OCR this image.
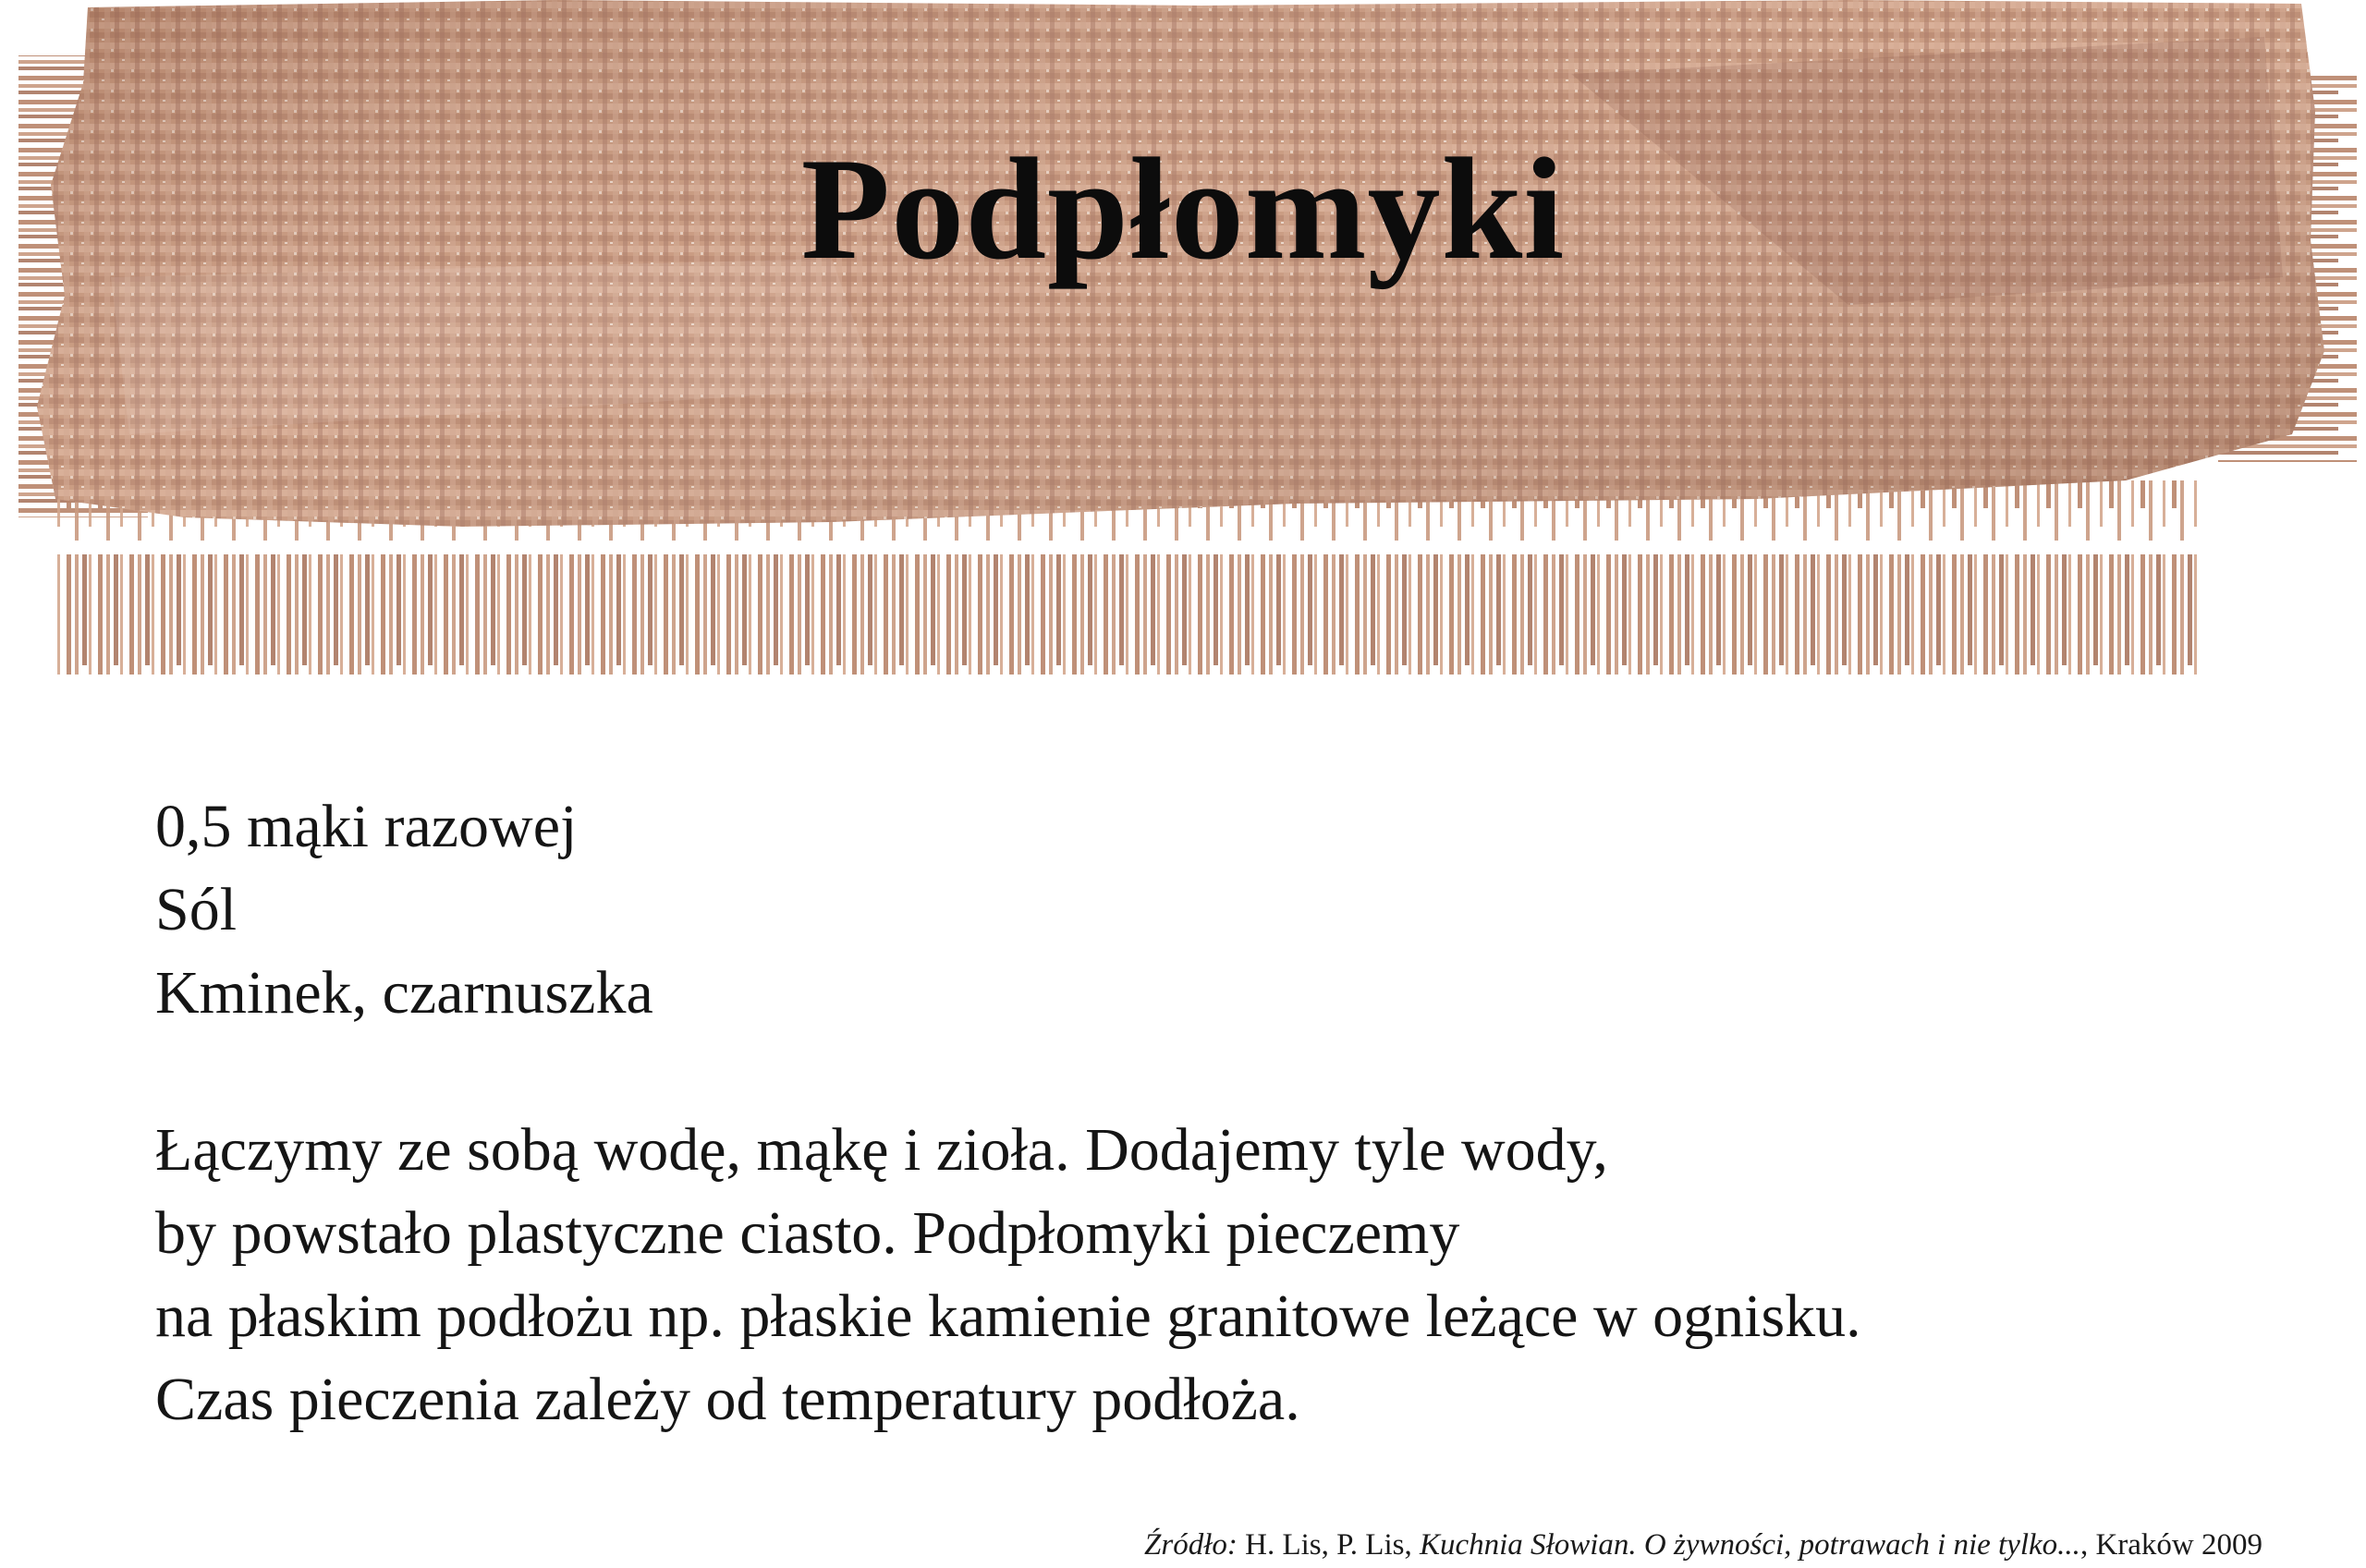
Podpłomyki
0,5 mąki razowej
Sól
Kminek, czarnuszka

Łączymy ze sobą wodę, mąkę i zioła. Dodajemy tyle wody,
by powstało plastyczne ciasto. Podpłomyki pieczemy
na płaskim podłożu np. płaskie kamienie granitowe leżące w ognisku.
Czas pieczenia zależy od temperatury podłoża.

Źródło: H. Lis, P. Lis, Kuchnia Słowian. O żywności, potrawach i nie tylko..., Kraków 2009
